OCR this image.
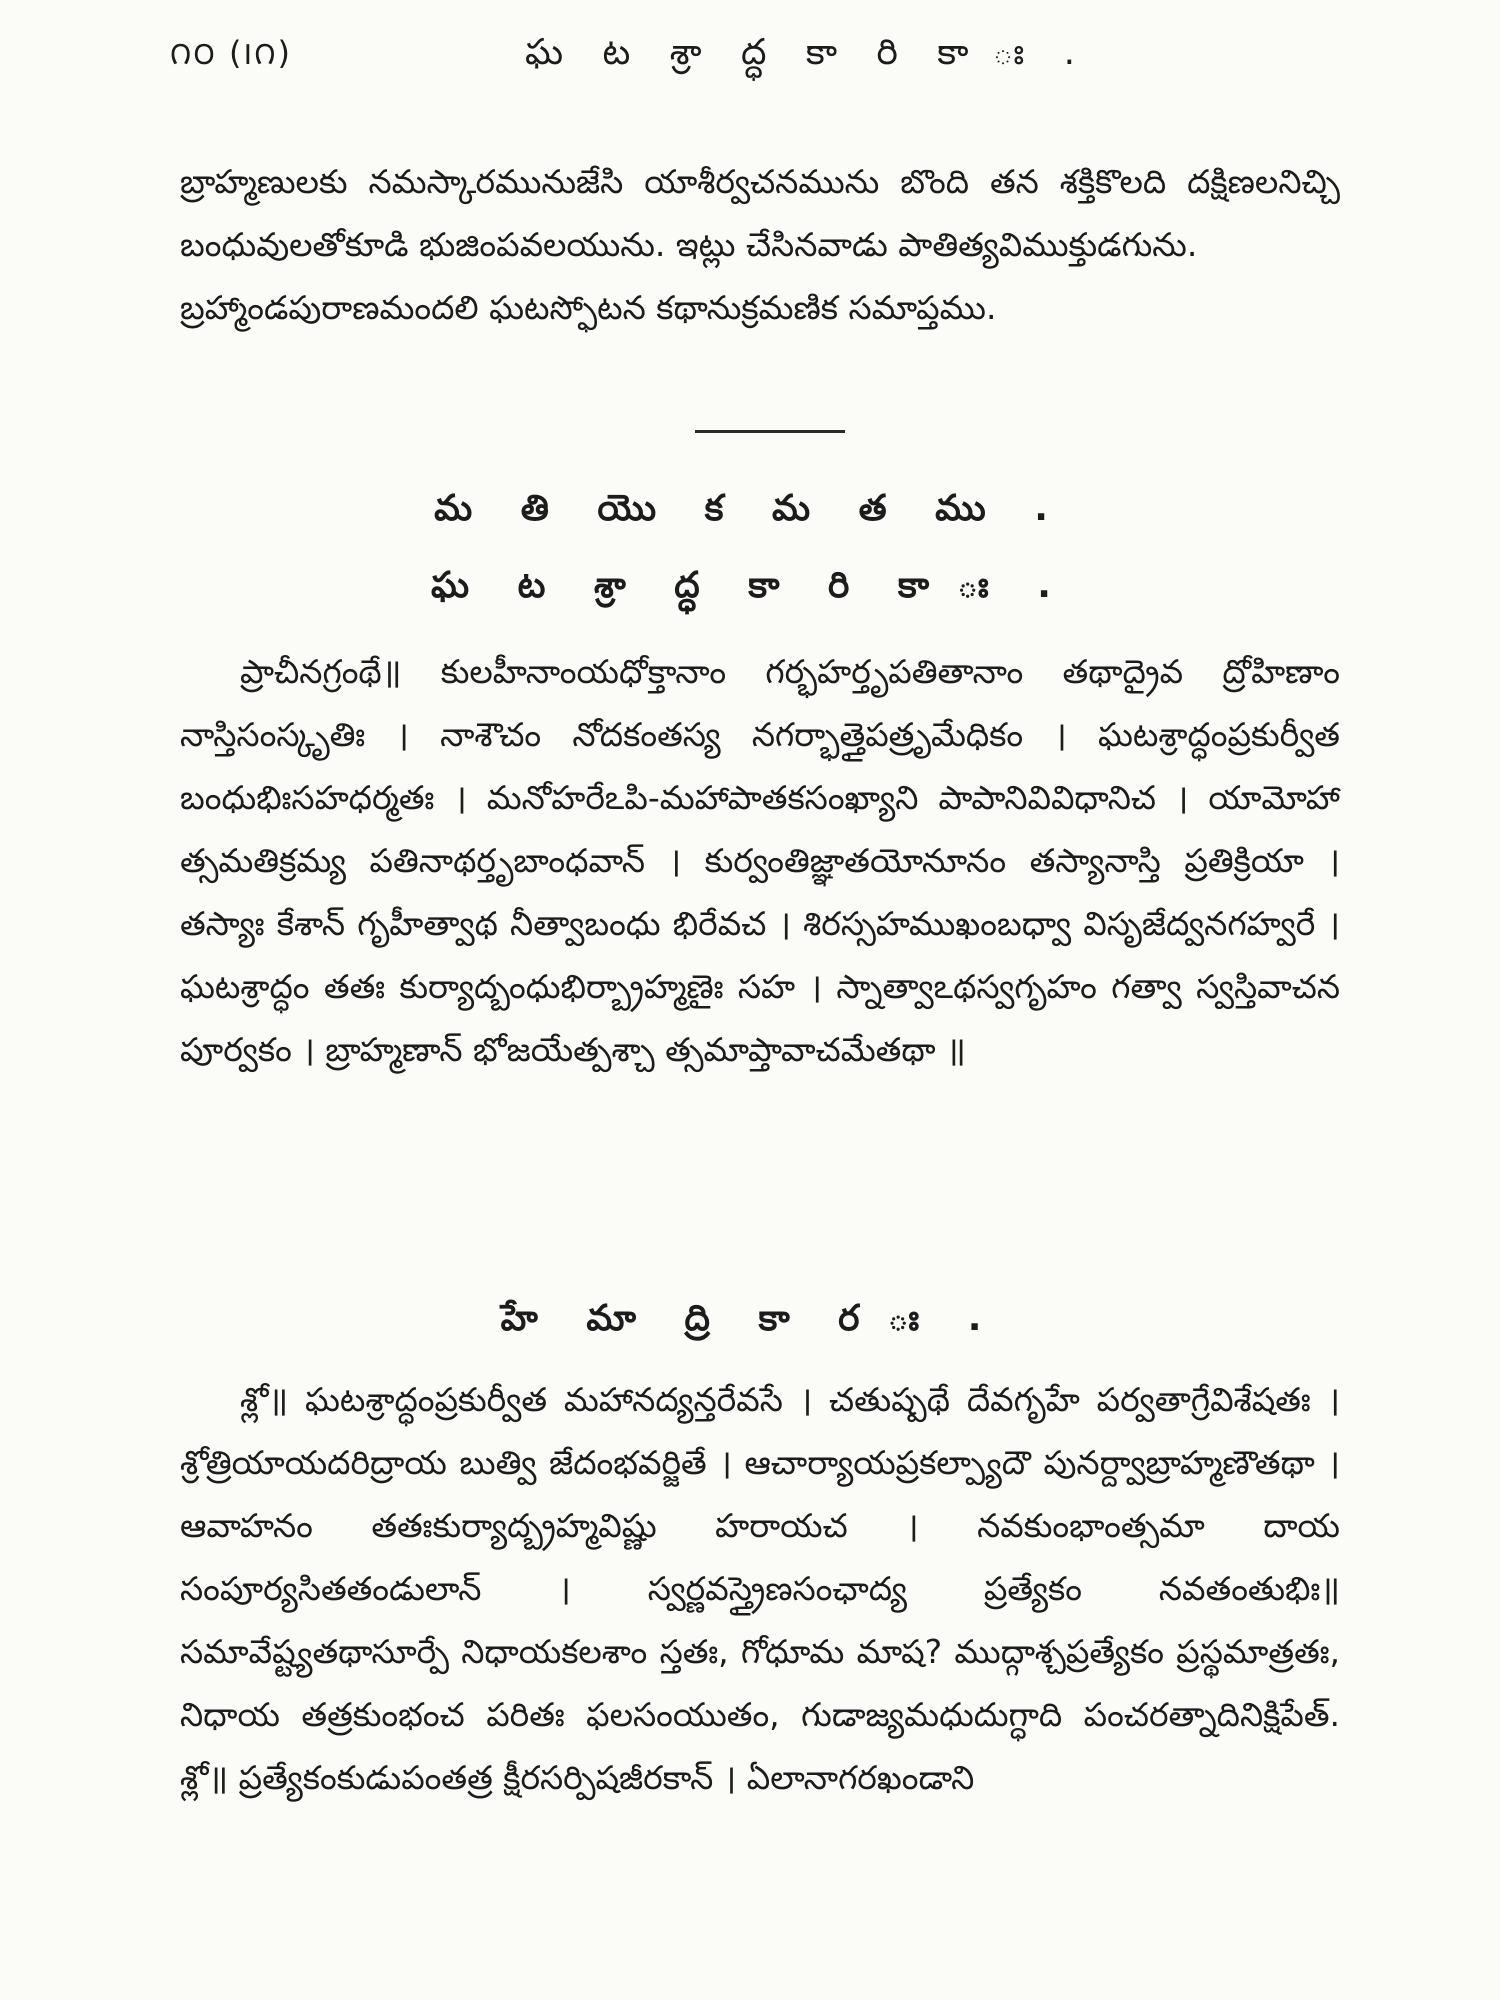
౧౦ (౹౧)	ఘ ట శ్రా ద్ధ కా రి కా ః .

బ్రాహ్మణులకు నమస్కారమునుజేసి యాశీర్వచనమును బొంది తన శక్తికొలది దక్షిణలనిచ్చి బంధువులతోకూడి భుజింపవలయును. ఇట్లు చేసినవాడు పాతిత్యవిముక్తుడగును.

బ్రహ్మాండపురాణమందలి ఘటస్ఫోటన కథానుక్రమణిక సమాప్తము.

మ తి యొ క మ త ము .
ఘ ట శ్రా ద్ధ కా రి కా ః .

ప్రాచీనగ్రంథే॥ కులహీనాంయధోక్తానాం గర్భహర్తృపతితానాం తథాద్రైవ ద్రోహిణాం నాస్తిసంస్కృతిః । నాశౌచం నోదకంతస్య నగర్భాత్తైపత్రృమేధికం । ఘటశ్రాద్ధంప్రకుర్వీత బంధుభిఃసహధర్మతః । మనోహరేఽపి-మహాపాతకసంఖ్యాని పాపానివివిధానిచ । యామోహా త్సమతిక్రమ్య పతినాథర్తృబాంధవాన్ । కుర్వంతిజ్ఞాతయోనూనం తస్యానాస్తి ప్రతిక్రియా । తస్యాః కేశాన్ గృహీత్వాథ నీత్వాబంధు భిరేవచ । శిరస్సహముఖంబధ్వా విసృజేద్వనగహ్వరే । ఘటశ్రాద్ధం తతః కుర్యాద్బంధుభిర్బ్రాహ్మణైః సహ । స్నాత్వాఽథస్వగృహం గత్వా స్వస్తివాచన పూర్వకం । బ్రాహ్మణాన్ భోజయేత్పశ్చా త్సమాప్తావాచమేతథా ॥

హే మా ద్రి కా ర ః .

శ్లో॥ ఘటశ్రాద్ధంప్రకుర్వీత మహానద్యన్తరేవసే । చతుష్పథే దేవగృహే పర్వతాగ్రేవిశేషతః । శ్రోత్రియాయదరిద్రాయ బుత్వి జేదంభవర్జితే । ఆచార్యాయప్రకల్ప్యాదౌ పునర్ద్వాబ్రాహ్మణౌతథా । ఆవాహనం తతఃకుర్యాద్బ్రహ్మవిష్ణు హరాయచ । నవకుంభాంత్సమా దాయ సంపూర్యసితతండులాన్ । స్వర్ణవస్త్రైణసంఛాద్య ప్రత్యేకం నవతంతుభిః॥ సమావేష్ట్యతథాసూర్పే నిధాయకలశాం స్తతః, గోధూమ మాష? ముద్గాశ్చప్రత్యేకం ప్రస్థమాత్రతః, నిధాయ తత్రకుంభంచ పరితః ఫలసంయుతం, గుడాజ్యమధుదుగ్ధాది పంచరత్నాదినిక్షిపేత్. శ్లో॥ ప్రత్యేకంకుడుపంతత్ర క్షీరసర్పిషజీరకాన్ । ఏలానాగరఖండాని
